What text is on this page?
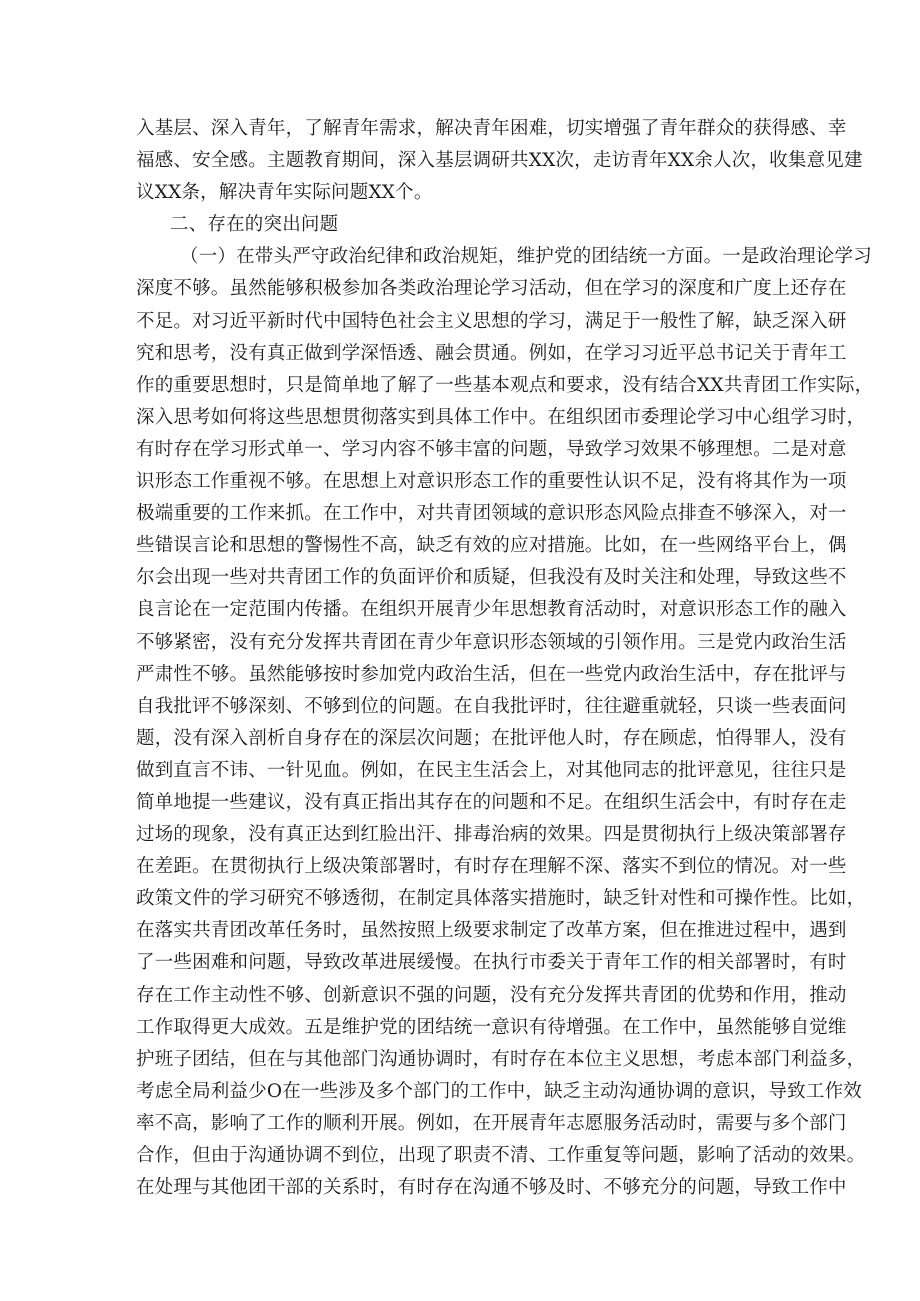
入基层、深入青年，了解青年需求，解决青年困难，切实增强了青年群众的获得感、幸
福感、安全感。主题教育期间，深入基层调研共XX次，走访青年XX余人次，收集意见建
议XX条，解决青年实际问题XX个。
二、存在的突出问题
（一）在带头严守政治纪律和政治规矩，维护党的团结统一方面。一是政治理论学习
深度不够。虽然能够积极参加各类政治理论学习活动，但在学习的深度和广度上还存在
不足。对习近平新时代中国特色社会主义思想的学习，满足于一般性了解，缺乏深入研
究和思考，没有真正做到学深悟透、融会贯通。例如，在学习习近平总书记关于青年工
作的重要思想时，只是简单地了解了一些基本观点和要求，没有结合XX共青团工作实际，
深入思考如何将这些思想贯彻落实到具体工作中。在组织团市委理论学习中心组学习时，
有时存在学习形式单一、学习内容不够丰富的问题，导致学习效果不够理想。二是对意
识形态工作重视不够。在思想上对意识形态工作的重要性认识不足，没有将其作为一项
极端重要的工作来抓。在工作中，对共青团领域的意识形态风险点排查不够深入，对一
些错误言论和思想的警惕性不高，缺乏有效的应对措施。比如，在一些网络平台上，偶
尔会出现一些对共青团工作的负面评价和质疑，但我没有及时关注和处理，导致这些不
良言论在一定范围内传播。在组织开展青少年思想教育活动时，对意识形态工作的融入
不够紧密，没有充分发挥共青团在青少年意识形态领域的引领作用。三是党内政治生活
严肃性不够。虽然能够按时参加党内政治生活，但在一些党内政治生活中，存在批评与
自我批评不够深刻、不够到位的问题。在自我批评时，往往避重就轻，只谈一些表面问
题，没有深入剖析自身存在的深层次问题；在批评他人时，存在顾虑，怕得罪人，没有
做到直言不讳、一针见血。例如，在民主生活会上，对其他同志的批评意见，往往只是
简单地提一些建议，没有真正指出其存在的问题和不足。在组织生活会中，有时存在走
过场的现象，没有真正达到红脸出汗、排毒治病的效果。四是贯彻执行上级决策部署存
在差距。在贯彻执行上级决策部署时，有时存在理解不深、落实不到位的情况。对一些
政策文件的学习研究不够透彻，在制定具体落实措施时，缺乏针对性和可操作性。比如，
在落实共青团改革任务时，虽然按照上级要求制定了改革方案，但在推进过程中，遇到
了一些困难和问题，导致改革进展缓慢。在执行市委关于青年工作的相关部署时，有时
存在工作主动性不够、创新意识不强的问题，没有充分发挥共青团的优势和作用，推动
工作取得更大成效。五是维护党的团结统一意识有待增强。在工作中，虽然能够自觉维
护班子团结，但在与其他部门沟通协调时，有时存在本位主义思想，考虑本部门利益多，
考虑全局利益少O在一些涉及多个部门的工作中，缺乏主动沟通协调的意识，导致工作效
率不高，影响了工作的顺利开展。例如，在开展青年志愿服务活动时，需要与多个部门
合作，但由于沟通协调不到位，出现了职责不清、工作重复等问题，影响了活动的效果。
在处理与其他团干部的关系时，有时存在沟通不够及时、不够充分的问题，导致工作中
